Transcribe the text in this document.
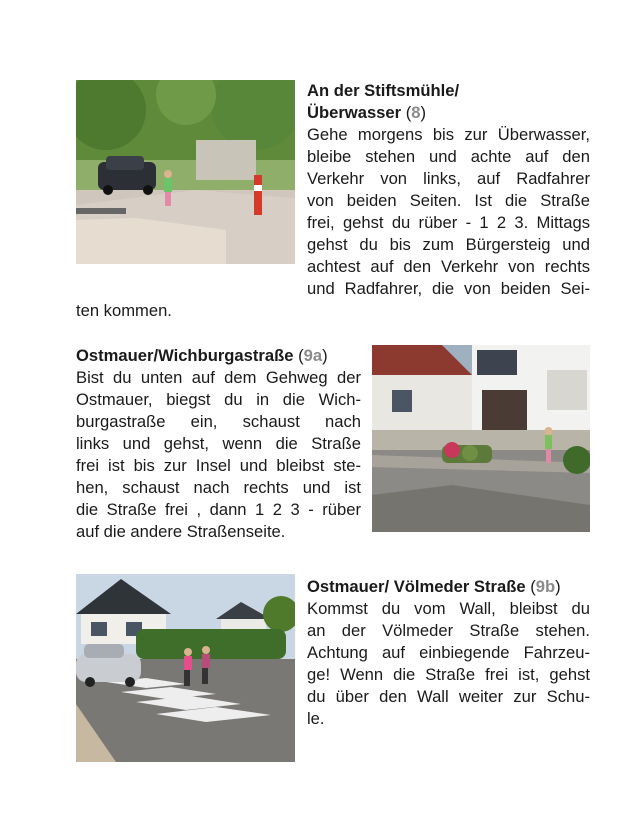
An der Stiftsmühle/
Überwasser (8)
Gehe morgens bis zur Überwasser,
bleibe stehen und achte auf den
Verkehr von links, auf Radfahrer
von beiden Seiten. Ist die Straße
frei, gehst du rüber - 1 2 3. Mittags
gehst du bis zum Bürgersteig und
achtest auf den Verkehr von rechts
und Radfahrer, die von beiden Sei-
ten kommen.
Ostmauer/Wichburgastraße (9a)
Bist du unten auf dem Gehweg der
Ostmauer, biegst du in die Wich-
burgastraße ein, schaust nach
links und gehst, wenn die Straße
frei ist bis zur Insel und bleibst ste-
hen, schaust nach rechts und ist
die Straße frei , dann 1 2 3 - rüber
auf die andere Straßenseite.
Ostmauer/ Völmeder Straße (9b)
Kommst du vom Wall, bleibst du
an der Völmeder Straße stehen.
Achtung auf einbiegende Fahrzeu-
ge! Wenn die Straße frei ist, gehst
du über den Wall weiter zur Schu-
le.
